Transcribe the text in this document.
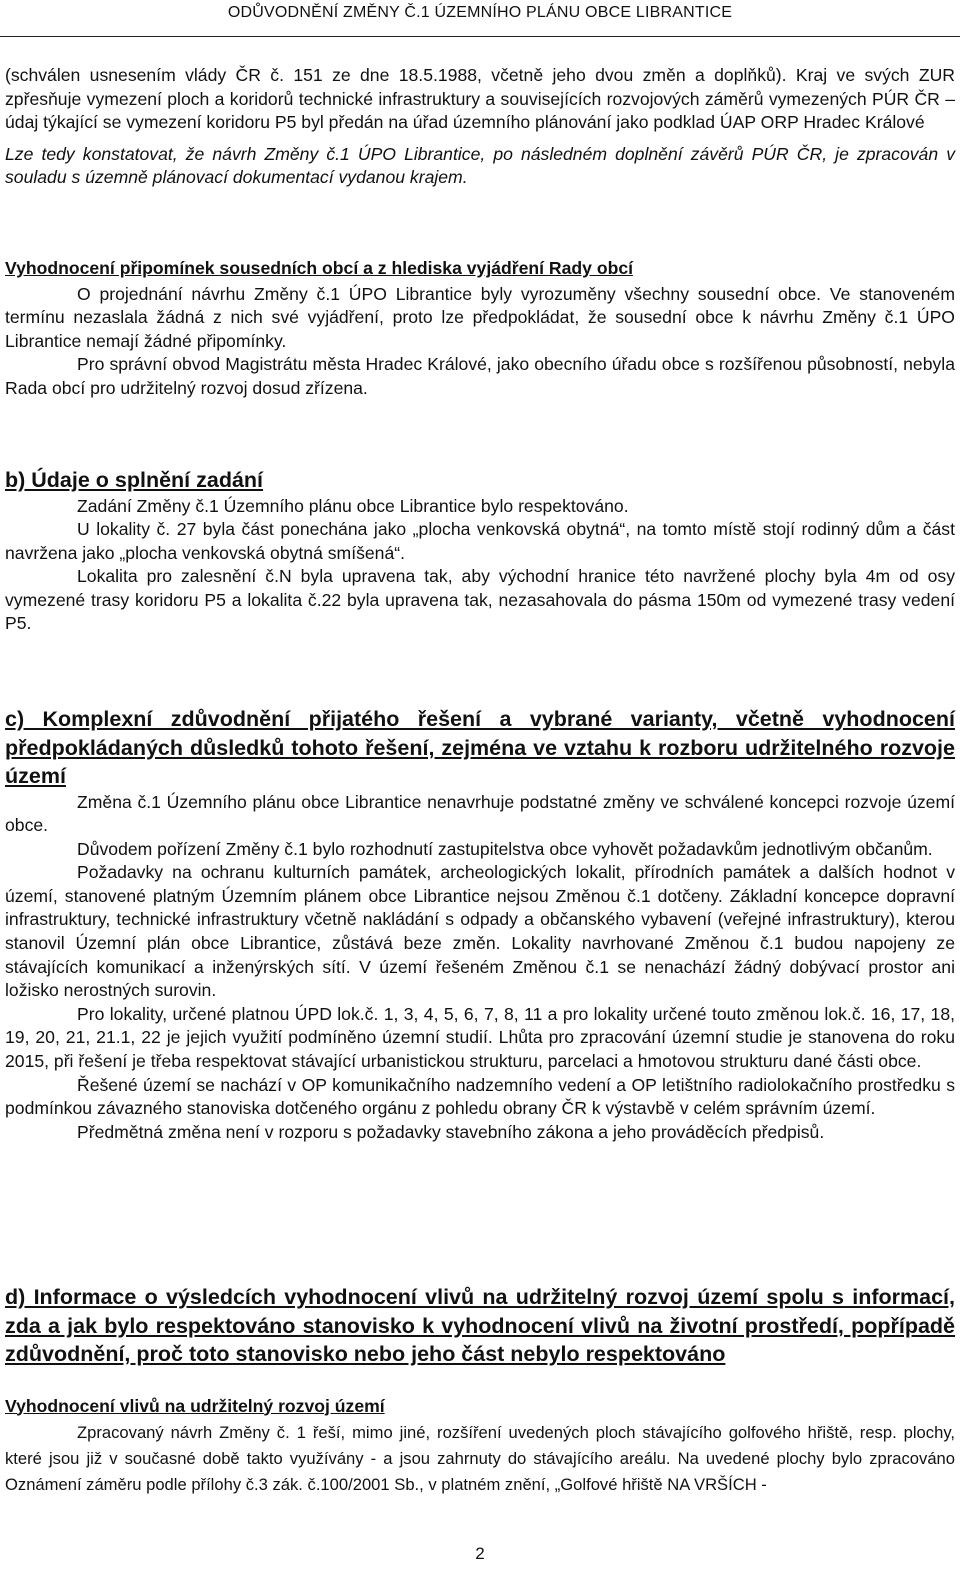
ODŮVODNĚNÍ ZMĚNY Č.1 ÚZEMNÍHO PLÁNU OBCE LIBRANTICE

(schválen usnesením vlády ČR č. 151 ze dne 18.5.1988, včetně jeho dvou změn a doplňků). Kraj ve svých ZUR zpřesňuje vymezení ploch a koridorů technické infrastruktury a souvisejících rozvojových záměrů vymezených PÚR ČR – údaj týkající se vymezení koridoru P5 byl předán na úřad územního plánování jako podklad ÚAP ORP Hradec Králové

Lze tedy konstatovat, že návrh Změny č.1 ÚPO Librantice, po následném doplnění závěrů PÚR ČR, je zpracován v souladu s územně plánovací dokumentací vydanou krajem.

Vyhodnocení připomínek sousedních obcí a z hlediska vyjádření Rady obcí

O projednání návrhu Změny č.1 ÚPO Librantice byly vyrozuměny všechny sousední obce. Ve stanoveném termínu nezaslala žádná z nich své vyjádření, proto lze předpokládat, že sousední obce k návrhu Změny č.1 ÚPO Librantice nemají žádné připomínky.

Pro správní obvod Magistrátu města Hradec Králové, jako obecního úřadu obce s rozšířenou působností, nebyla Rada obcí pro udržitelný rozvoj dosud zřízena.

b) Údaje o splnění zadání

Zadání Změny č.1 Územního plánu obce Librantice bylo respektováno.

U lokality č. 27 byla část ponechána jako „plocha venkovská obytná“, na tomto místě stojí rodinný dům a část navržena jako „plocha venkovská obytná smíšená“.

Lokalita pro zalesnění č.N byla upravena tak, aby východní hranice této navržené plochy byla 4m od osy vymezené trasy koridoru P5 a lokalita č.22 byla upravena tak, nezasahovala do pásma 150m od vymezené trasy vedení P5.

c) Komplexní zdůvodnění přijatého řešení a vybrané varianty, včetně vyhodnocení předpokládaných důsledků tohoto řešení, zejména ve vztahu k rozboru udržitelného rozvoje území

Změna č.1 Územního plánu obce Librantice nenavrhuje podstatné změny ve schválené koncepci rozvoje území obce.

Důvodem pořízení Změny č.1 bylo rozhodnutí zastupitelstva obce vyhovět požadavkům jednotlivým občanům.

Požadavky na ochranu kulturních památek, archeologických lokalit, přírodních památek a dalších hodnot v území, stanovené platným Územním plánem obce Librantice nejsou Změnou č.1 dotčeny. Základní koncepce dopravní infrastruktury, technické infrastruktury včetně nakládání s odpady a občanského vybavení (veřejné infrastruktury), kterou stanovil Územní plán obce Librantice, zůstává beze změn. Lokality navrhované Změnou č.1 budou napojeny ze stávajících komunikací a inženýrských sítí. V území řešeném Změnou č.1 se nenachází žádný dobývací prostor ani ložisko nerostných surovin.

Pro lokality, určené platnou ÚPD lok.č. 1, 3, 4, 5, 6, 7, 8, 11 a pro lokality určené touto změnou lok.č. 16, 17, 18, 19, 20, 21, 21.1, 22 je jejich využití podmíněno územní studií. Lhůta pro zpracování územní studie je stanovena do roku 2015, při řešení je třeba respektovat stávající urbanistickou strukturu, parcelaci a hmotovou strukturu dané části obce.

Řešené území se nachází v OP komunikačního nadzemního vedení a OP letištního radiolokačního prostředku s podmínkou závazného stanoviska dotčeného orgánu z pohledu obrany ČR k výstavbě v celém správním území.

Předmětná změna není v rozporu s požadavky stavebního zákona a jeho prováděcích předpisů.

d) Informace o výsledcích vyhodnocení vlivů na udržitelný rozvoj území spolu s informací, zda a jak bylo respektováno stanovisko k vyhodnocení vlivů na životní prostředí, popřípadě zdůvodnění, proč toto stanovisko nebo jeho část nebylo respektováno
Vyhodnocení vlivů na udržitelný rozvoj území

Zpracovaný návrh Změny č. 1 řeší, mimo jiné, rozšíření uvedených ploch stávajícího golfového hřiště, resp. plochy, které jsou již v současné době takto využívány - a jsou zahrnuty do stávajícího areálu. Na uvedené plochy bylo zpracováno Oznámení záměru podle přílohy č.3 zák. č.100/2001 Sb., v platném znění, „Golfové hřiště NA VRŠÍCH -

2
